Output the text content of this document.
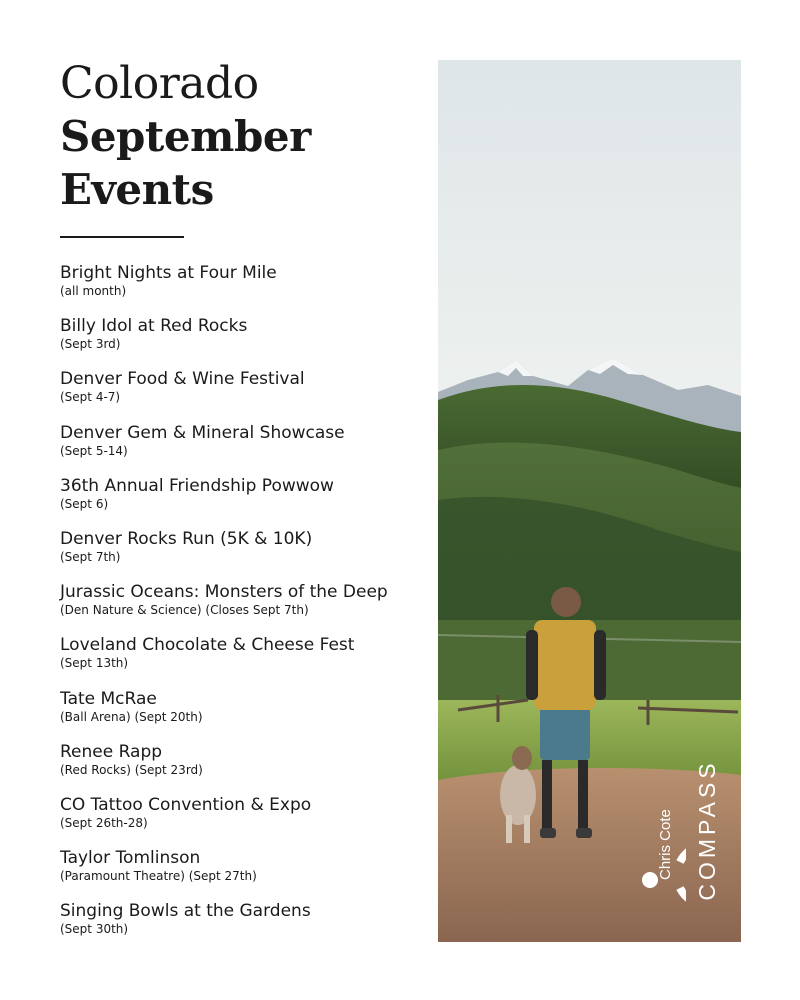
Colorado
September
Events
Bright Nights at Four Mile
(all month)
Billy Idol at Red Rocks
(Sept 3rd)
Denver Food & Wine Festival
(Sept 4-7)
Denver Gem & Mineral Showcase
(Sept 5-14)
36th Annual Friendship Powwow
(Sept 6)
Denver Rocks Run (5K & 10K)
(Sept 7th)
Jurassic Oceans: Monsters of the Deep
(Den Nature & Science) (Closes Sept 7th)
Loveland Chocolate & Cheese Fest
(Sept 13th)
Tate McRae
(Ball Arena) (Sept 20th)
Renee Rapp
(Red Rocks) (Sept 23rd)
CO Tattoo Convention & Expo
(Sept 26th-28)
Taylor Tomlinson
(Paramount Theatre) (Sept 27th)
Singing Bowls at the Gardens
(Sept 30th)
Chris Cote COMPASS
